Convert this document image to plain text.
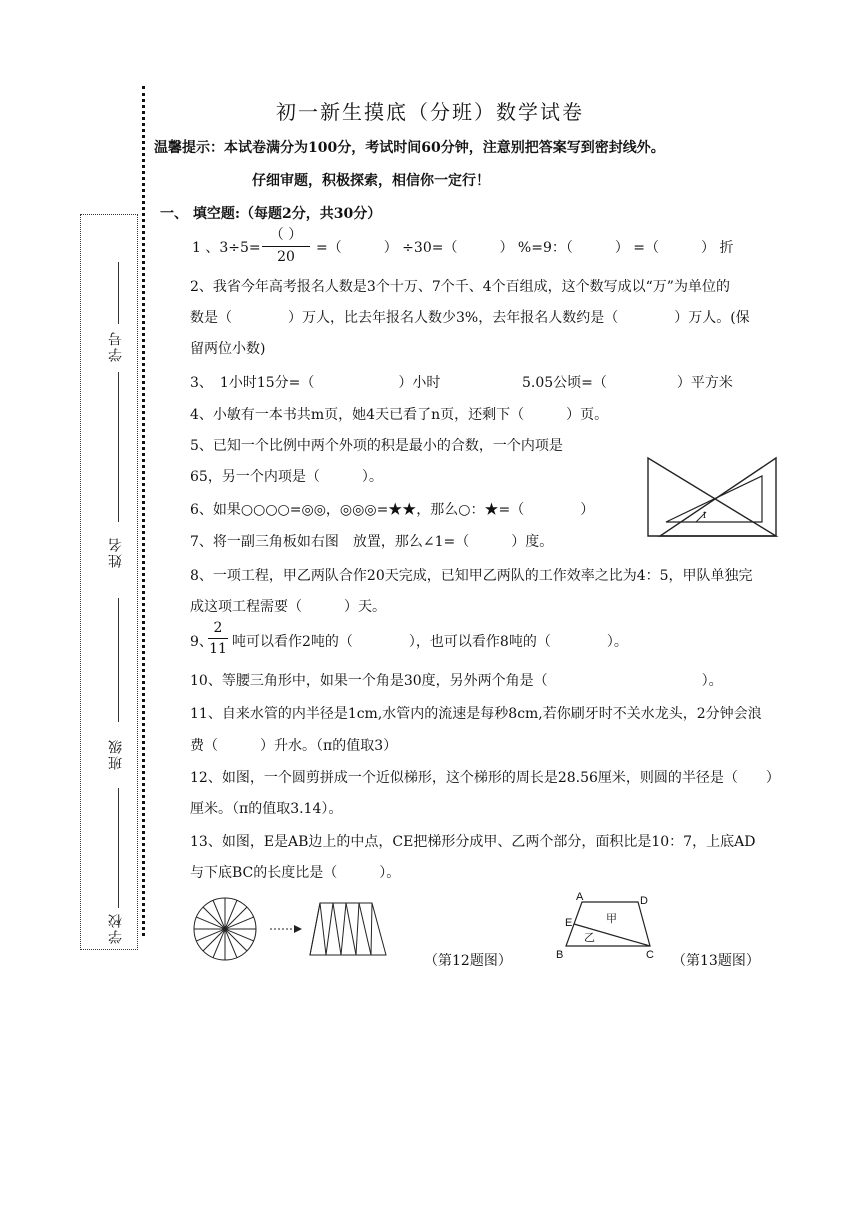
学号
姓名
班级
学校
初一新生摸底（分班）数学试卷
温馨提示：本试卷满分为100分，考试时间60分钟，注意别把答案写到密封线外。
仔细审题，积极探索，相信你一定行！
一、 填空题:（每题2分，共30分）
1 、3÷5=
（ ）
20
=（　　　） ÷30=（　　　） %=9：（　　　） =（　　　） 折
2、我省今年高考报名人数是3个十万、7个千、4个百组成，这个数写成以“万”为单位的
数是（　　　　）万人，比去年报名人数少3%，去年报名人数约是（　　　　）万人。(保
留两位小数)
3、　1小时15分=（　　　　　　）小时	5.05公顷=（　　　　　）平方米
4、小敏有一本书共m页，她4天已看了n页，还剩下（　　　）页。
5、已知一个比例中两个外项的积是最小的合数，一个内项是
65，另一个内项是（　　　）。
6、如果○○○○=◎◎，◎◎◎=★★，那么○：★=（　　　　）
7、将一副三角板如右图　放置，那么∠1=（　　　）度。
1
8、一项工程，甲乙两队合作20天完成，已知甲乙两队的工作效率之比为4：5，甲队单独完
成这项工程需要（　　　）天。
9、
2
11 吨可以看作2吨的（　　　　），也可以看作8吨的（　　　　）。
10、等腰三角形中，如果一个角是30度，另外两个角是（　　　　　　　　　　　）。
11、自来水管的内半径是1cm,水管内的流速是每秒8cm,若你刷牙时不关水龙头，2分钟会浪
费（　　　）升水。（π的值取3）
12、如图，一个圆剪拼成一个近似梯形，这个梯形的周长是28.56厘米，则圆的半径是（　　）
厘米。（π的值取3.14）。
13、如图，E是AB边上的中点，CE把梯形分成甲、乙两个部分，面积比是10：7，上底AD
与下底BC的长度比是（　　　）。
（第12题图）
A	D
E
B	C
甲
乙
（第13题图）
